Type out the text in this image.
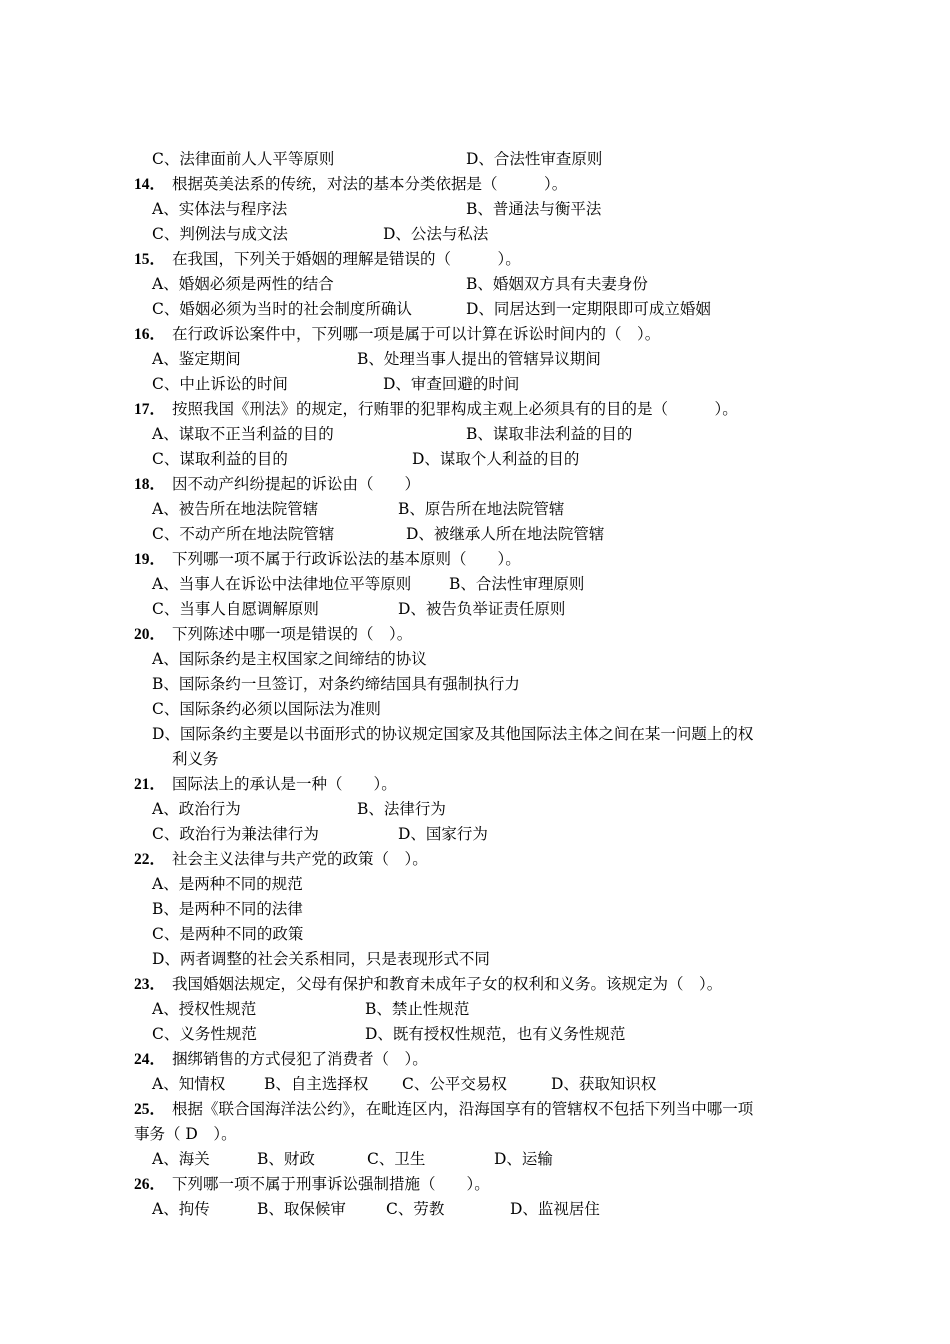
C、法律面前人人平等原则	D、合法性审查原则
14． 根据英美法系的传统，对法的基本分类依据是（　　　）。
A、实体法与程序法	B、普通法与衡平法
C、判例法与成文法	D、公法与私法
15． 在我国，下列关于婚姻的理解是错误的（　　　）。
A、婚姻必须是两性的结合	B、婚姻双方具有夫妻身份
C、婚姻必须为当时的社会制度所确认	D、同居达到一定期限即可成立婚姻
16． 在行政诉讼案件中，下列哪一项是属于可以计算在诉讼时间内的（　）。
A、鉴定期间	B、处理当事人提出的管辖异议期间
C、中止诉讼的时间	D、审查回避的时间
17． 按照我国《刑法》的规定，行贿罪的犯罪构成主观上必须具有的目的是（　　　）。
A、谋取不正当利益的目的	B、谋取非法利益的目的
C、谋取利益的目的	D、谋取个人利益的目的
18． 因不动产纠纷提起的诉讼由（　　）
A、被告所在地法院管辖	B、原告所在地法院管辖
C、不动产所在地法院管辖	D、被继承人所在地法院管辖
19． 下列哪一项不属于行政诉讼法的基本原则（　　）。
A、当事人在诉讼中法律地位平等原则 B、合法性审理原则
C、当事人自愿调解原则	D、被告负举证责任原则
20． 下列陈述中哪一项是错误的（　）。
A、国际条约是主权国家之间缔结的协议
B、国际条约一旦签订，对条约缔结国具有强制执行力
C、国际条约必须以国际法为准则
D、国际条约主要是以书面形式的协议规定国家及其他国际法主体之间在某一问题上的权
利义务
21． 国际法上的承认是一种（　　）。
A、政治行为	B、法律行为
C、政治行为兼法律行为	D、国家行为
22． 社会主义法律与共产党的政策（　）。
A、是两种不同的规范
B、是两种不同的法律
C、是两种不同的政策
D、两者调整的社会关系相同，只是表现形式不同
23． 我国婚姻法规定，父母有保护和教育未成年子女的权利和义务。该规定为（　）。
A、授权性规范	B、禁止性规范
C、义务性规范	D、既有授权性规范，也有义务性规范
24． 捆绑销售的方式侵犯了消费者（　）。
A、知情权	B、自主选择权 C、公平交易权	D、获取知识权
25． 根据《联合国海洋法公约》，在毗连区内，沿海国享有的管辖权不包括下列当中哪一项
事务（ D　）。
A、海关	B、财政	C、卫生	D、运输
26． 下列哪一项不属于刑事诉讼强制措施（　　）。
A、拘传	B、取保候审	C、劳教	D、监视居住
